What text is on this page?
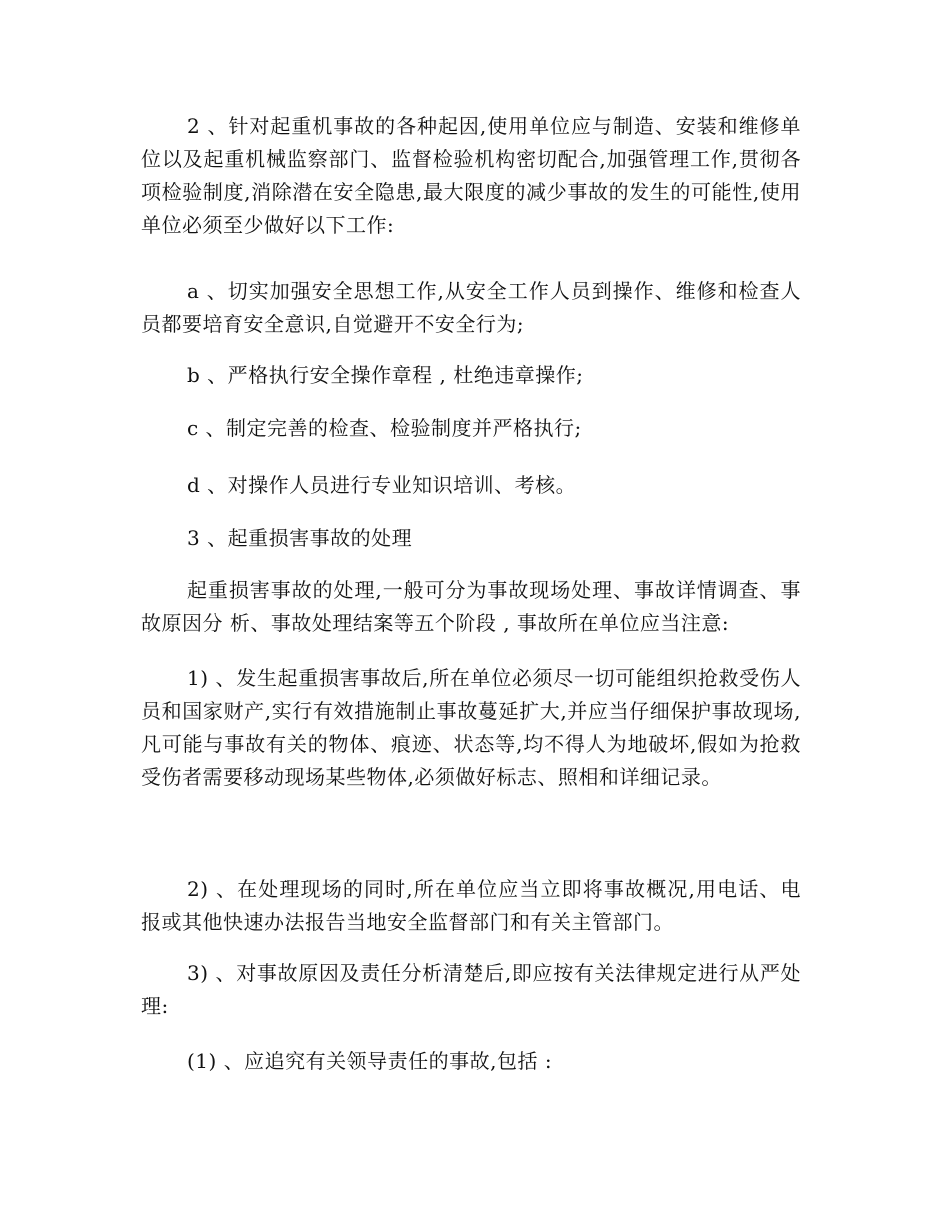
2 、针对起重机事故的各种起因,使用单位应与制造、安装和维修单位以及起重机械监察部门、监督检验机构密切配合,加强管理工作,贯彻各项检验制度,消除潜在安全隐患,最大限度的减少事故的发生的可能性,使用单位必须至少做好以下工作:

a 、切实加强安全思想工作,从安全工作人员到操作、维修和检查人员都要培育安全意识,自觉避开不安全行为;

b 、严格执行安全操作章程 , 杜绝违章操作;

c 、制定完善的检查、检验制度并严格执行;

d 、对操作人员进行专业知识培训、考核。

3 、起重损害事故的处理

起重损害事故的处理,一般可分为事故现场处理、事故详情调查、事故原因分 析、事故处理结案等五个阶段 , 事故所在单位应当注意:

1) 、发生起重损害事故后,所在单位必须尽一切可能组织抢救受伤人员和国家财产,实行有效措施制止事故蔓延扩大,并应当仔细保护事故现场,凡可能与事故有关的物体、痕迹、状态等,均不得人为地破坏,假如为抢救受伤者需要移动现场某些物体,必须做好标志、照相和详细记录。

2) 、在处理现场的同时,所在单位应当立即将事故概况,用电话、电报或其他快速办法报告当地安全监督部门和有关主管部门。

3) 、对事故原因及责任分析清楚后,即应按有关法律规定进行从严处理:

(1) 、应追究有关领导责任的事故,包括 :
